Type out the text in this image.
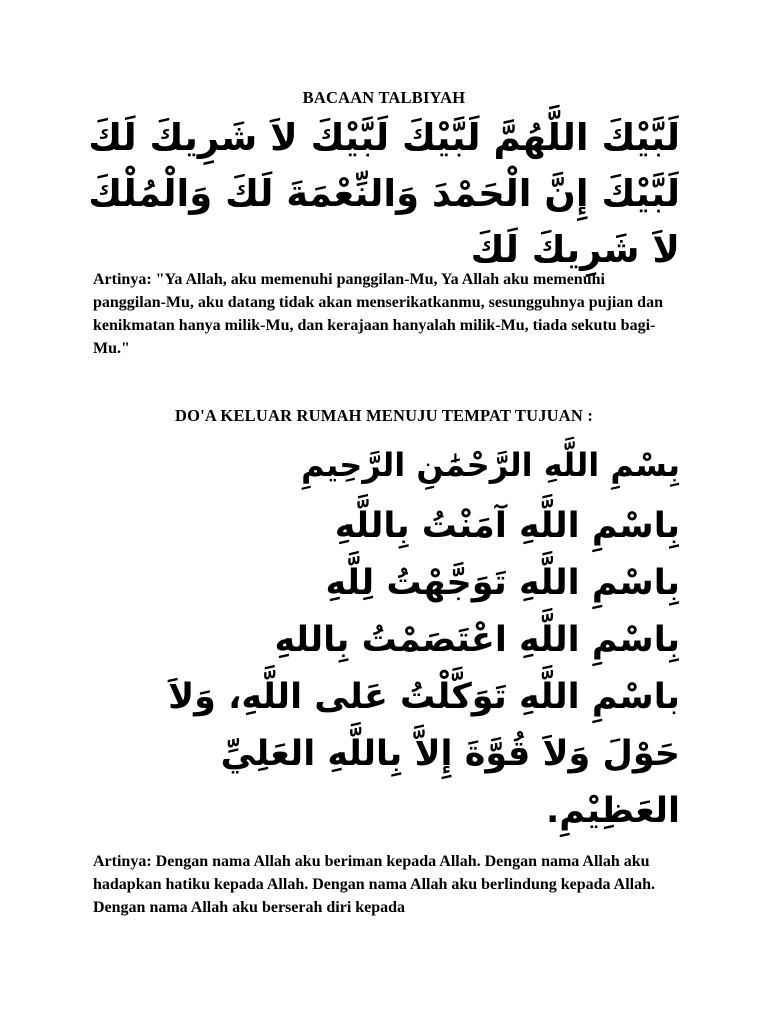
BACAAN TALBIYAH
لَبَّيْكَ اللَّهُمَّ لَبَّيْكَ لَبَّيْكَ لاَ شَرِيكَ لَكَ
لَبَّيْكَ إِنَّ الْحَمْدَ وَالنِّعْمَةَ لَكَ وَالْمُلْكَ
لاَ شَرِيكَ لَكَ
Artinya: "Ya Allah, aku memenuhi panggilan-Mu, Ya Allah aku memenuhi panggilan-Mu, aku datang tidak akan menserikatkanmu, sesungguhnya pujian dan kenikmatan hanya milik-Mu, dan kerajaan hanyalah milik-Mu, tiada sekutu bagi-Mu."
DO'A KELUAR RUMAH MENUJU TEMPAT TUJUAN :
بِسْمِ اللَّهِ الرَّحْمَٰنِ الرَّحِيمِ
بِاسْمِ اللَّهِ آمَنْتُ بِاللَّهِ
بِاسْمِ اللَّهِ تَوَجَّهْتُ لِلَّهِ
بِاسْمِ اللَّهِ اعْتَصَمْتُ بِاللهِ
باسْمِ اللَّهِ تَوَكَّلْتُ عَلى اللَّهِ، وَلاَ
حَوْلَ وَلاَ قُوَّةَ إِلاَّ بِاللَّهِ العَلِيِّ
العَظِيْمِ.
Artinya: Dengan nama Allah aku beriman kepada Allah. Dengan nama Allah aku hadapkan hatiku kepada Allah. Dengan nama Allah aku berlindung kepada Allah. Dengan nama Allah aku berserah diri kepada
